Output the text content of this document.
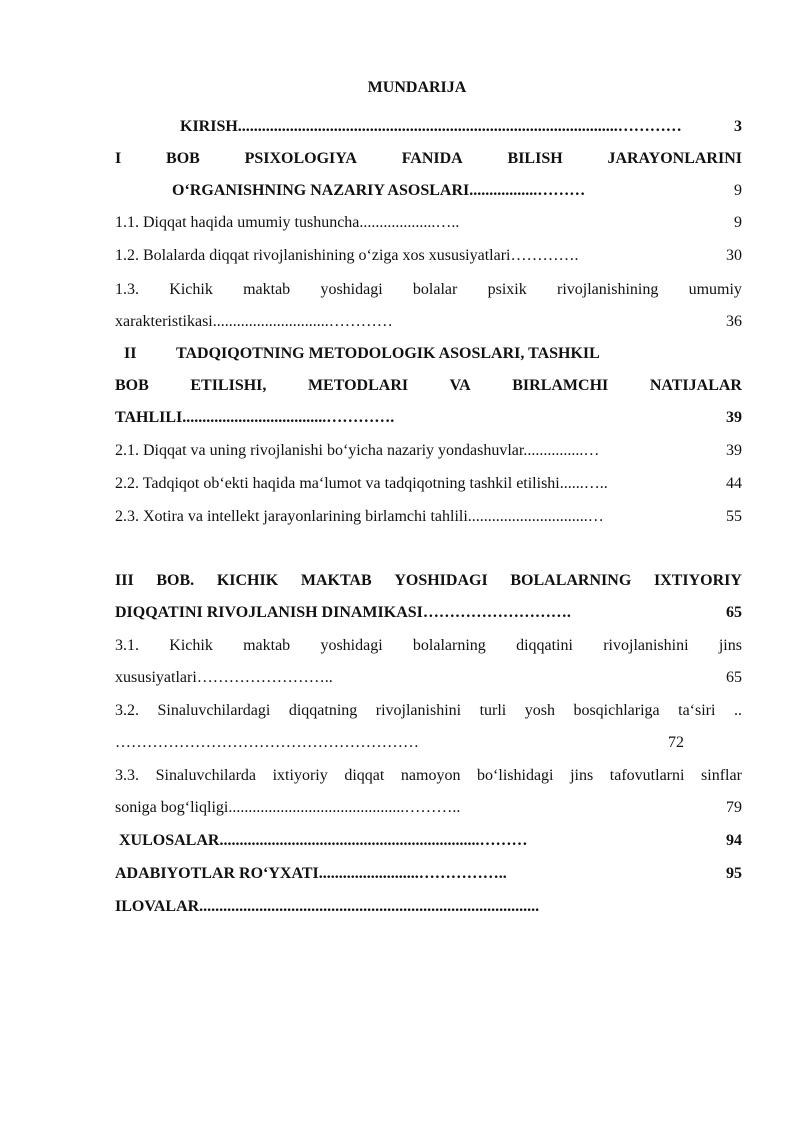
MUNDARIJA
KIRISH...............................................................................................…………	3
I	BOB	PSIXOLOGIYA	FANIDA	BILISH	JARAYONLARINI
O‘RGANISHNING NAZARIY ASOSLARI.................………	9
1.1. Diqqat haqida umumiy tushuncha...................…..	9
1.2. Bolalarda diqqat rivojlanishining o‘ziga xos xususiyatlari………….	30
1.3. Kichik maktab yoshidagi bolalar psixik rivojlanishining umumiy
xarakteristikasi.............................…………	36
II TADQIQOTNING METODOLOGIK ASOSLARI, TASHKIL
BOB	ETILISHI,	METODLARI	VA	BIRLAMCHI	NATIJALAR
TAHLILI....................................………….	39
2.1. Diqqat va uning rivojlanishi bo‘yicha nazariy yondashuvlar...............…	39
2.2. Tadqiqot ob‘ekti haqida ma‘lumot va tadqiqotning tashkil etilishi......…..	44
2.3. Xotira va intellekt jarayonlarining birlamchi tahlili..............................…	55
III BOB. KICHIK MAKTAB YOSHIDAGI BOLALARNING IXTIYORIY
DIQQATINI RIVOJLANISH DINAMIKASI……………………….	65
3.1. Kichik maktab yoshidagi bolalarning diqqatini rivojlanishini jins
xususiyatlari……………………..	65
3.2. Sinaluvchilardagi diqqatning rivojlanishini turli yosh bosqichlariga ta‘siri ..
…………………………………………………	72
3.3. Sinaluvchilarda ixtiyoriy diqqat namoyon bo‘lishidagi jins tafovutlarni sinflar
soniga bog‘liqligi............................................………..	79
XULOSALAR.................................................................………	94
ADABIYOTLAR RO‘YXATI.........................……………..	95
ILOVALAR.....................................................................................
